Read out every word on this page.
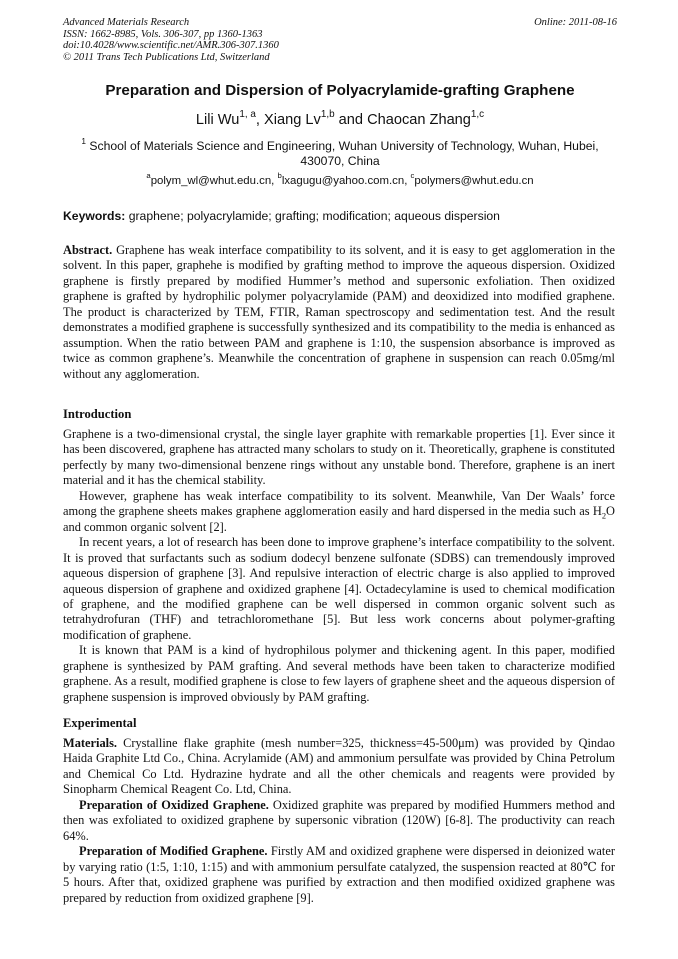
Advanced Materials Research
ISSN: 1662-8985, Vols. 306-307, pp 1360-1363
doi:10.4028/www.scientific.net/AMR.306-307.1360
© 2011 Trans Tech Publications Ltd, Switzerland
Online: 2011-08-16
Preparation and Dispersion of Polyacrylamide-grafting Graphene
Lili Wu$^{1, a}$, Xiang Lv$^{1,b}$ and Chaocan Zhang$^{1,c}$
$^1$ School of Materials Science and Engineering, Wuhan University of Technology, Wuhan, Hubei, 430070, China
$^a$polym_wl@whut.edu.cn, $^b$lxagugu@yahoo.com.cn, $^c$polymers@whut.edu.cn
Keywords: graphene; polyacrylamide; grafting; modification; aqueous dispersion

Abstract. Graphene has weak interface compatibility to its solvent, and it is easy to get agglomeration in the solvent. In this paper, graphehe is modified by grafting method to improve the aqueous dispersion. Oxidized graphene is firstly prepared by modified Hummer’s method and supersonic exfoliation. Then oxidized graphene is grafted by hydrophilic polymer polyacrylamide (PAM) and deoxidized into modified graphene. The product is characterized by TEM, FTIR, Raman spectroscopy and sedimentation test. And the result demonstrates a modified graphene is successfully synthesized and its compatibility to the media is enhanced as assumption. When the ratio between PAM and graphene is 1:10, the suspension absorbance is improved as twice as common graphene’s. Meanwhile the concentration of graphene in suspension can reach 0.05mg/ml without any agglomeration.

Introduction

Graphene is a two-dimensional crystal, the single layer graphite with remarkable properties [1]. Ever since it has been discovered, graphene has attracted many scholars to study on it. Theoretically, graphene is constituted perfectly by many two-dimensional benzene rings without any unstable bond. Therefore, graphene is an inert material and it has the chemical stability.

However, graphene has weak interface compatibility to its solvent. Meanwhile, Van Der Waals’ force among the graphene sheets makes graphene agglomeration easily and hard dispersed in the media such as $H_2O$ and common organic solvent [2].

In recent years, a lot of research has been done to improve graphene’s interface compatibility to the solvent. It is proved that surfactants such as sodium dodecyl benzene sulfonate (SDBS) can tremendously improved aqueous dispersion of graphene [3]. And repulsive interaction of electric charge is also applied to improved aqueous dispersion of graphene and oxidized graphene [4]. Octadecylamine is used to chemical modification of graphene, and the modified graphene can be well dispersed in common organic solvent such as tetrahydrofuran (THF) and tetrachloromethane [5]. But less work concerns about polymer-grafting modification of graphene.

It is known that PAM is a kind of hydrophilous polymer and thickening agent. In this paper, modified graphene is synthesized by PAM grafting. And several methods have been taken to characterize modified graphene. As a result, modified graphene is close to few layers of graphene sheet and the aqueous dispersion of graphene suspension is improved obviously by PAM grafting.

Experimental

Materials. Crystalline flake graphite (mesh number=325, thickness=45-500μm) was provided by Qindao Haida Graphite Ltd Co., China. Acrylamide (AM) and ammonium persulfate was provided by China Petrolum and Chemical Co Ltd. Hydrazine hydrate and all the other chemicals and reagents were provided by Sinopharm Chemical Reagent Co. Ltd, China.

Preparation of Oxidized Graphene. Oxidized graphite was prepared by modified Hummers method and then was exfoliated to oxidized graphene by supersonic vibration (120W) [6-8]. The productivity can reach 64%.

Preparation of Modified Graphene. Firstly AM and oxidized graphene were dispersed in deionized water by varying ratio (1:5, 1:10, 1:15) and with ammonium persulfate catalyzed, the suspension reacted at 80℃ for 5 hours. After that, oxidized graphene was purified by extraction and then modified oxidized graphene was prepared by reduction from oxidized graphene [9].
